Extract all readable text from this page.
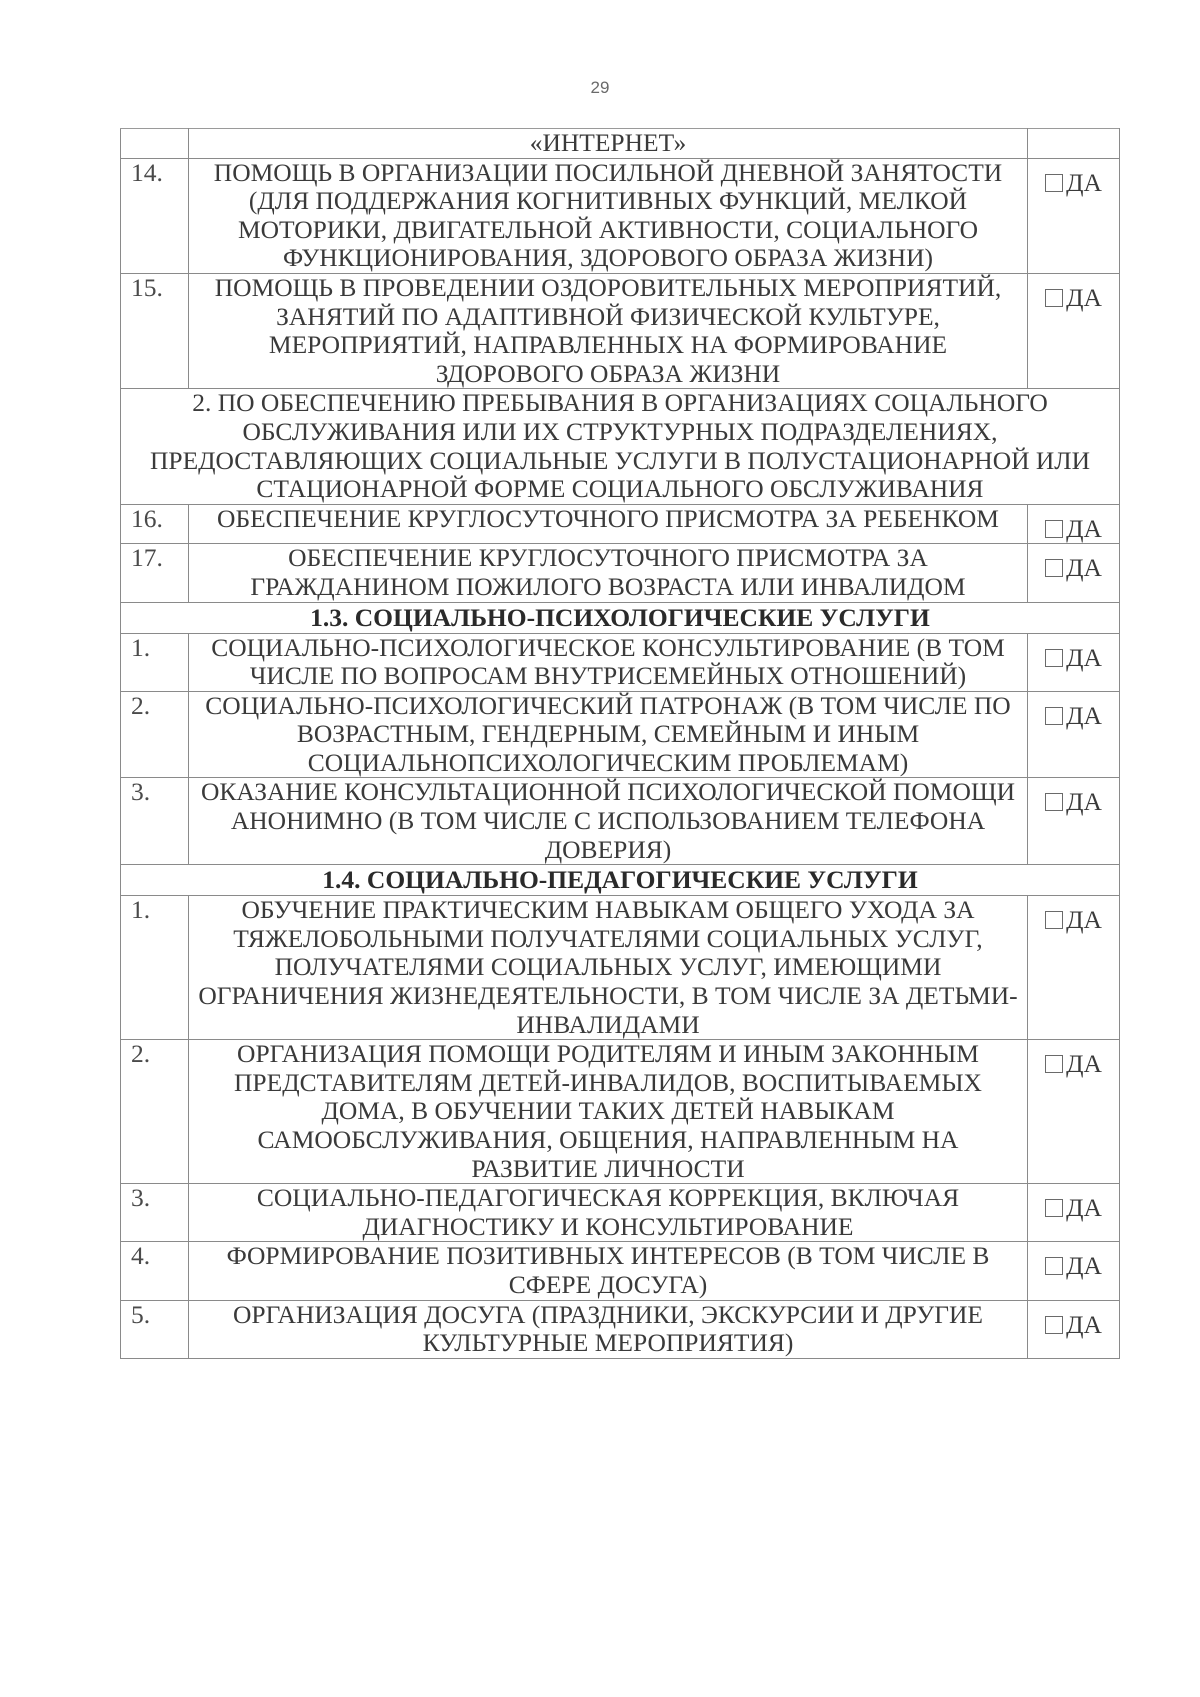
29
	«ИНТЕРНЕТ»	
14.	ПОМОЩЬ В ОРГАНИЗАЦИИ ПОСИЛЬНОЙ ДНЕВНОЙ ЗАНЯТОСТИ (ДЛЯ ПОДДЕРЖАНИЯ КОГНИТИВНЫХ ФУНКЦИЙ, МЕЛКОЙ МОТОРИКИ, ДВИГАТЕЛЬНОЙ АКТИВНОСТИ, СОЦИАЛЬНОГО ФУНКЦИОНИРОВАНИЯ, ЗДОРОВОГО ОБРАЗА ЖИЗНИ)	ДА
15.	ПОМОЩЬ В ПРОВЕДЕНИИ ОЗДОРОВИТЕЛЬНЫХ МЕРОПРИЯТИЙ, ЗАНЯТИЙ ПО АДАПТИВНОЙ ФИЗИЧЕСКОЙ КУЛЬТУРЕ, МЕРОПРИЯТИЙ, НАПРАВЛЕННЫХ НА ФОРМИРОВАНИЕ ЗДОРОВОГО ОБРАЗА ЖИЗНИ	ДА
2. ПО ОБЕСПЕЧЕНИЮ ПРЕБЫВАНИЯ В ОРГАНИЗАЦИЯХ СОЦАЛЬНОГО ОБСЛУЖИВАНИЯ ИЛИ ИХ СТРУКТУРНЫХ ПОДРАЗДЕЛЕНИЯХ, ПРЕДОСТАВЛЯЮЩИХ СОЦИАЛЬНЫЕ УСЛУГИ В ПОЛУСТАЦИОНАРНОЙ ИЛИ СТАЦИОНАРНОЙ ФОРМЕ СОЦИАЛЬНОГО ОБСЛУЖИВАНИЯ		
16.	ОБЕСПЕЧЕНИЕ КРУГЛОСУТОЧНОГО ПРИСМОТРА ЗА РЕБЕНКОМ	ДА
17.	ОБЕСПЕЧЕНИЕ КРУГЛОСУТОЧНОГО ПРИСМОТРА ЗА ГРАЖДАНИНОМ ПОЖИЛОГО ВОЗРАСТА ИЛИ ИНВАЛИДОМ	ДА
1.3. СОЦИАЛЬНО-ПСИХОЛОГИЧЕСКИЕ УСЛУГИ		
1.	СОЦИАЛЬНО-ПСИХОЛОГИЧЕСКОЕ КОНСУЛЬТИРОВАНИЕ (В ТОМ ЧИСЛЕ ПО ВОПРОСАМ ВНУТРИСЕМЕЙНЫХ ОТНОШЕНИЙ)	ДА
2.	СОЦИАЛЬНО-ПСИХОЛОГИЧЕСКИЙ ПАТРОНАЖ (В ТОМ ЧИСЛЕ ПО ВОЗРАСТНЫМ, ГЕНДЕРНЫМ, СЕМЕЙНЫМ И ИНЫМ СОЦИАЛЬНОПСИХОЛОГИЧЕСКИМ ПРОБЛЕМАМ)	ДА
3.	ОКАЗАНИЕ КОНСУЛЬТАЦИОННОЙ ПСИХОЛОГИЧЕСКОЙ ПОМОЩИ АНОНИМНО (В ТОМ ЧИСЛЕ С ИСПОЛЬЗОВАНИЕМ ТЕЛЕФОНА ДОВЕРИЯ)	ДА
1.4. СОЦИАЛЬНО-ПЕДАГОГИЧЕСКИЕ УСЛУГИ		
1.	ОБУЧЕНИЕ ПРАКТИЧЕСКИМ НАВЫКАМ ОБЩЕГО УХОДА ЗА ТЯЖЕЛОБОЛЬНЫМИ ПОЛУЧАТЕЛЯМИ СОЦИАЛЬНЫХ УСЛУГ, ПОЛУЧАТЕЛЯМИ СОЦИАЛЬНЫХ УСЛУГ, ИМЕЮЩИМИ ОГРАНИЧЕНИЯ ЖИЗНЕДЕЯТЕЛЬНОСТИ, В ТОМ ЧИСЛЕ ЗА ДЕТЬМИ-ИНВАЛИДАМИ	ДА
2.	ОРГАНИЗАЦИЯ ПОМОЩИ РОДИТЕЛЯМ И ИНЫМ ЗАКОННЫМ ПРЕДСТАВИТЕЛЯМ ДЕТЕЙ-ИНВАЛИДОВ, ВОСПИТЫВАЕМЫХ ДОМА, В ОБУЧЕНИИ ТАКИХ ДЕТЕЙ НАВЫКАМ САМООБСЛУЖИВАНИЯ, ОБЩЕНИЯ, НАПРАВЛЕННЫМ НА РАЗВИТИЕ ЛИЧНОСТИ	ДА
3.	СОЦИАЛЬНО-ПЕДАГОГИЧЕСКАЯ КОРРЕКЦИЯ, ВКЛЮЧАЯ ДИАГНОСТИКУ И КОНСУЛЬТИРОВАНИЕ	ДА
4.	ФОРМИРОВАНИЕ ПОЗИТИВНЫХ ИНТЕРЕСОВ (В ТОМ ЧИСЛЕ В СФЕРЕ ДОСУГА)	ДА
5.	ОРГАНИЗАЦИЯ ДОСУГА (ПРАЗДНИКИ, ЭКСКУРСИИ И ДРУГИЕ КУЛЬТУРНЫЕ МЕРОПРИЯТИЯ)	ДА
